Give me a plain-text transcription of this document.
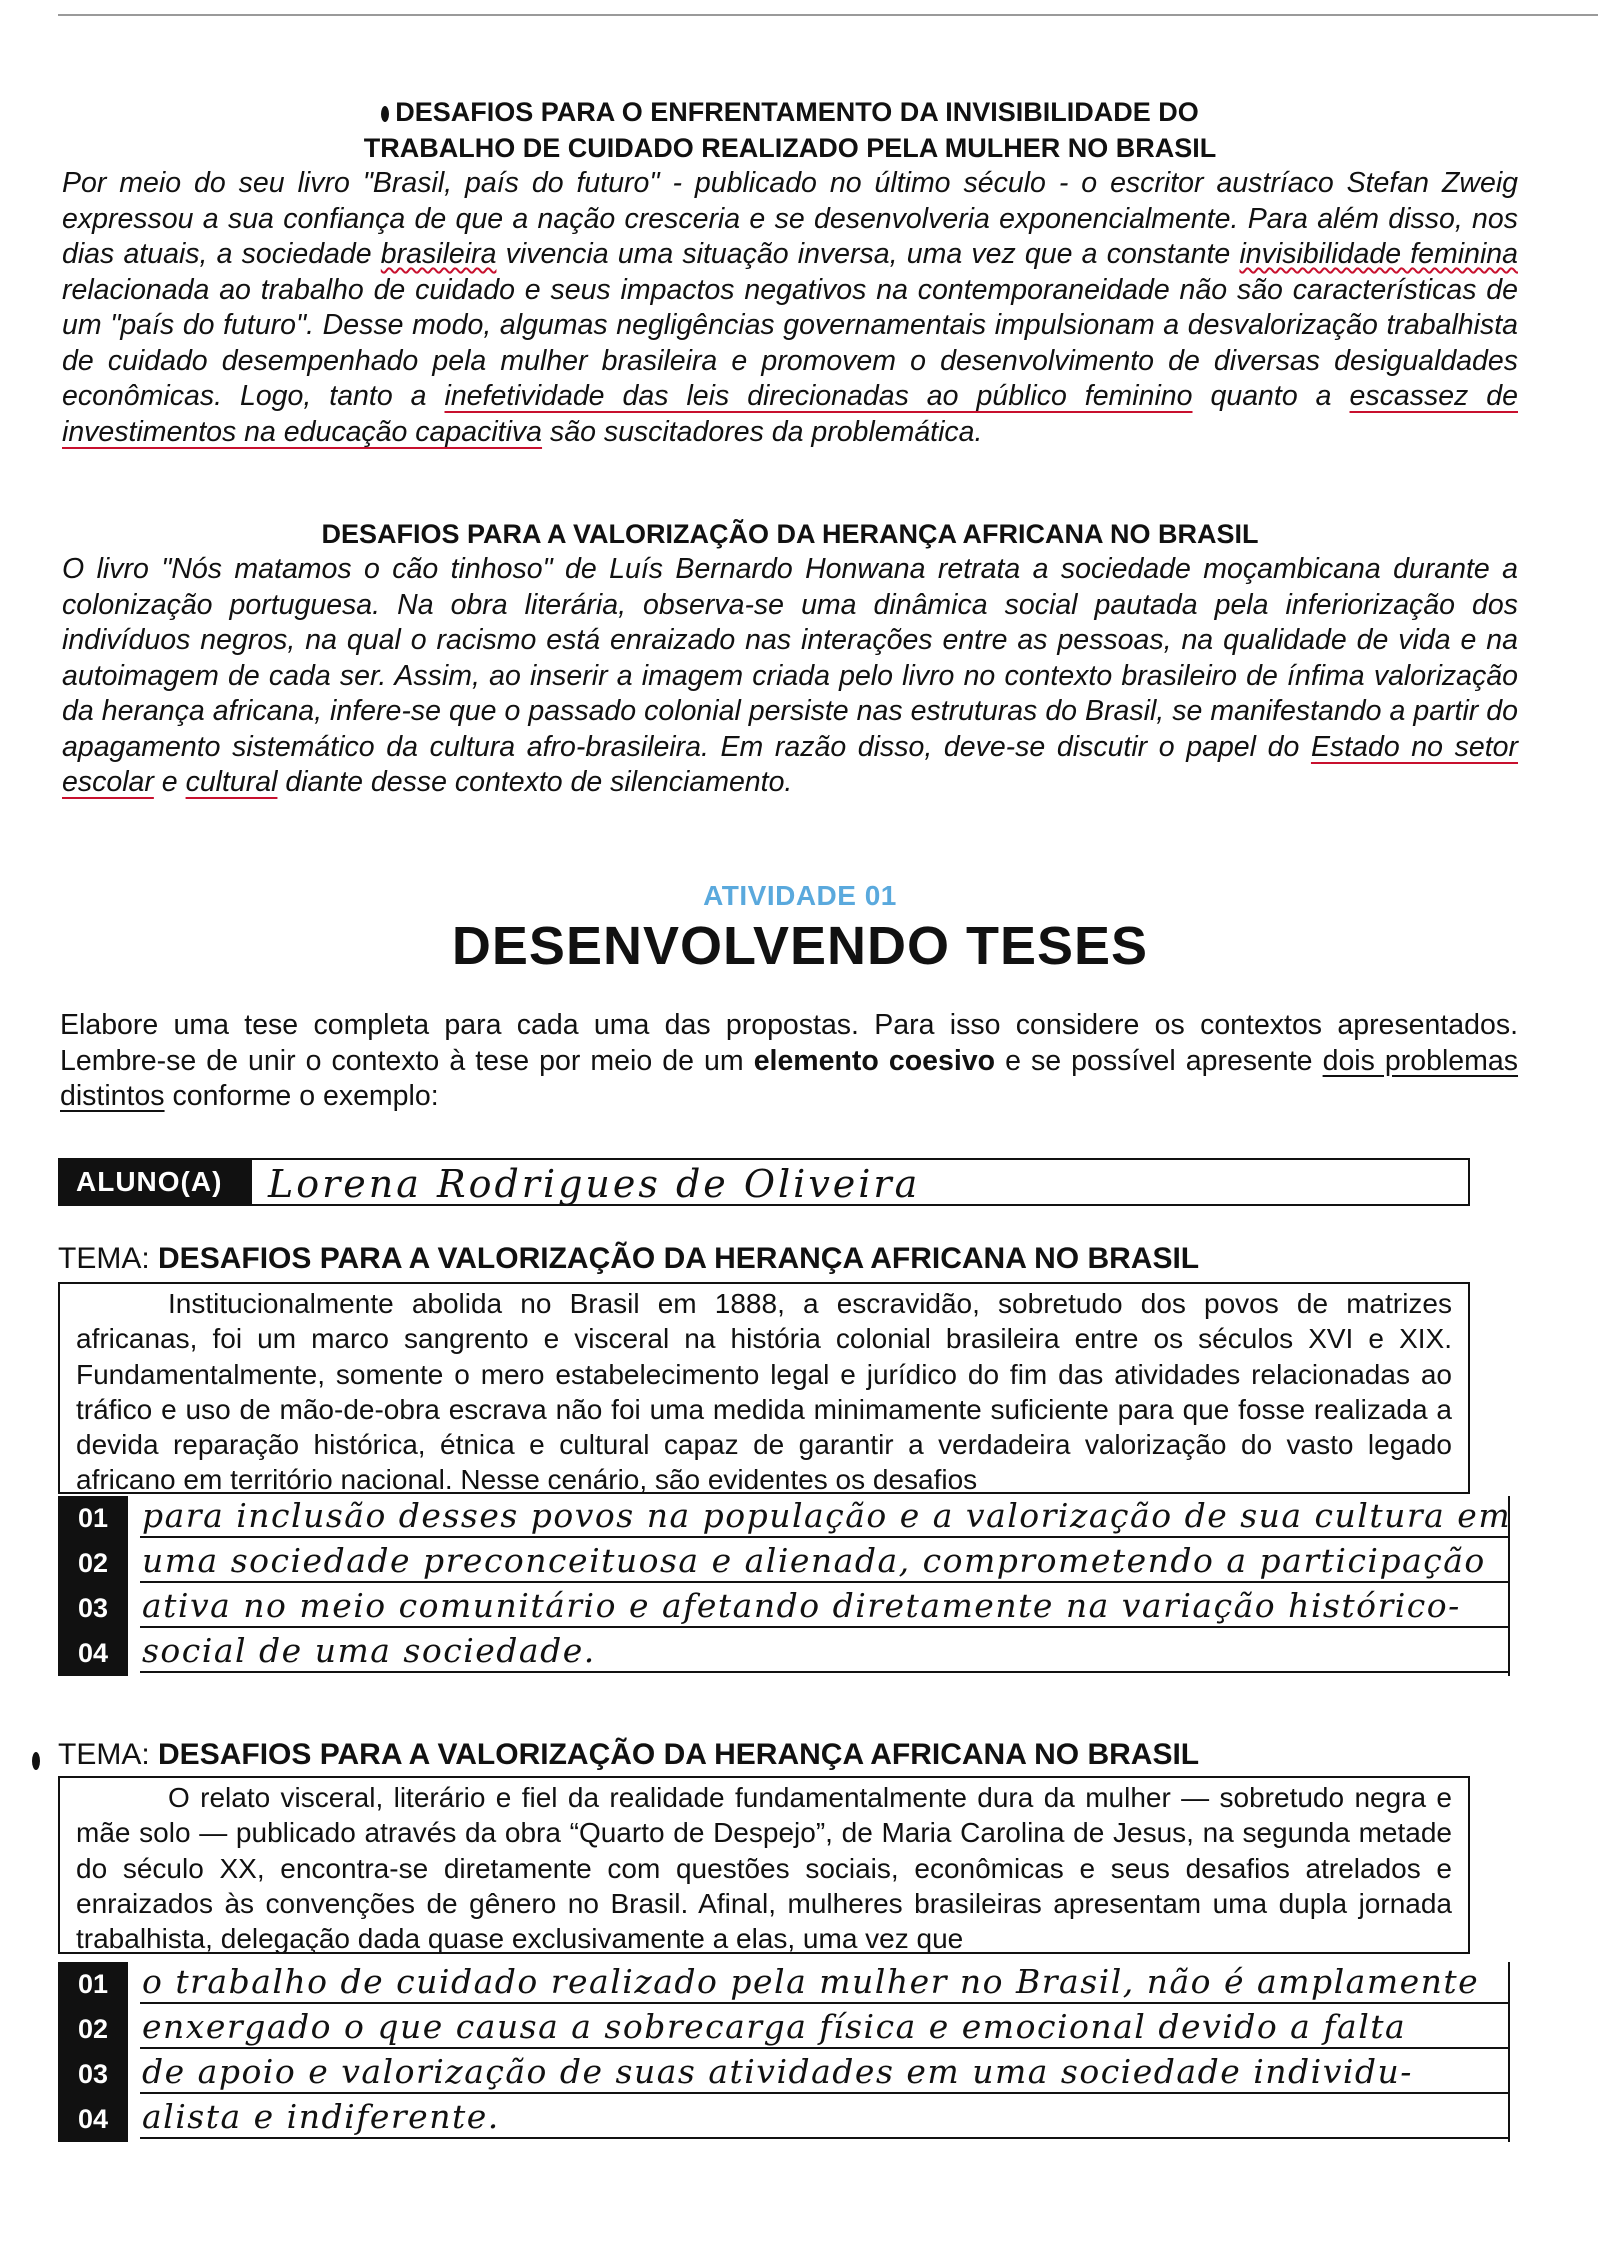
DESAFIOS PARA O ENFRENTAMENTO DA INVISIBILIDADE DO
TRABALHO DE CUIDADO REALIZADO PELA MULHER NO BRASIL

Por meio do seu livro "Brasil, país do futuro" - publicado no último século - o escritor austríaco Stefan Zweig expressou a sua confiança de que a nação cresceria e se desenvolveria exponencialmente. Para além disso, nos dias atuais, a sociedade brasileira vivencia uma situação inversa, uma vez que a constante invisibilidade feminina relacionada ao trabalho de cuidado e seus impactos negativos na contemporaneidade não são características de um "país do futuro". Desse modo, algumas negligências governamentais impulsionam a desvalorização trabalhista de cuidado desempenhado pela mulher brasileira e promovem o desenvolvimento de diversas desigualdades econômicas. Logo, tanto a inefetividade das leis direcionadas ao público feminino quanto a escassez de investimentos na educação capacitiva são suscitadores da problemática.

DESAFIOS PARA A VALORIZAÇÃO DA HERANÇA AFRICANA NO BRASIL

O livro "Nós matamos o cão tinhoso" de Luís Bernardo Honwana retrata a sociedade moçambicana durante a colonização portuguesa. Na obra literária, observa-se uma dinâmica social pautada pela inferiorização dos indivíduos negros, na qual o racismo está enraizado nas interações entre as pessoas, na qualidade de vida e na autoimagem de cada ser. Assim, ao inserir a imagem criada pelo livro no contexto brasileiro de ínfima valorização da herança africana, infere-se que o passado colonial persiste nas estruturas do Brasil, se manifestando a partir do apagamento sistemático da cultura afro-brasileira. Em razão disso, deve-se discutir o papel do Estado no setor escolar e cultural diante desse contexto de silenciamento.

ATIVIDADE 01
DESENVOLVENDO TESES
Elabore uma tese completa para cada uma das propostas. Para isso considere os contextos apresentados. Lembre-se de unir o contexto à tese por meio de um elemento coesivo e se possível apresente dois problemas distintos conforme o exemplo:
ALUNO(A)	Lorena Rodrigues de Oliveira
TEMA: DESAFIOS PARA A VALORIZAÇÃO DA HERANÇA AFRICANA NO BRASIL
Institucionalmente abolida no Brasil em 1888, a escravidão, sobretudo dos povos de matrizes africanas, foi um marco sangrento e visceral na história colonial brasileira entre os séculos XVI e XIX. Fundamentalmente, somente o mero estabelecimento legal e jurídico do fim das atividades relacionadas ao tráfico e uso de mão-de-obra escrava não foi uma medida minimamente suficiente para que fosse realizada a devida reparação histórica, étnica e cultural capaz de garantir a verdadeira valorização do vasto legado africano em território nacional. Nesse cenário, são evidentes os desafios
01	para inclusão desses povos na população e a valorização de sua cultura em
02	uma sociedade preconceituosa e alienada, comprometendo a participação
03	ativa no meio comunitário e afetando diretamente na variação histórico-
04	social de uma sociedade.
TEMA: DESAFIOS PARA A VALORIZAÇÃO DA HERANÇA AFRICANA NO BRASIL
O relato visceral, literário e fiel da realidade fundamentalmente dura da mulher — sobretudo negra e mãe solo — publicado através da obra “Quarto de Despejo”, de Maria Carolina de Jesus, na segunda metade do século XX, encontra-se diretamente com questões sociais, econômicas e seus desafios atrelados e enraizados às convenções de gênero no Brasil. Afinal, mulheres brasileiras apresentam uma dupla jornada trabalhista, delegação dada quase exclusivamente a elas, uma vez que
01	o trabalho de cuidado realizado pela mulher no Brasil, não é amplamente
02	enxergado o que causa a sobrecarga física e emocional devido a falta
03	de apoio e valorização de suas atividades em uma sociedade individu-
04	alista e indiferente.
